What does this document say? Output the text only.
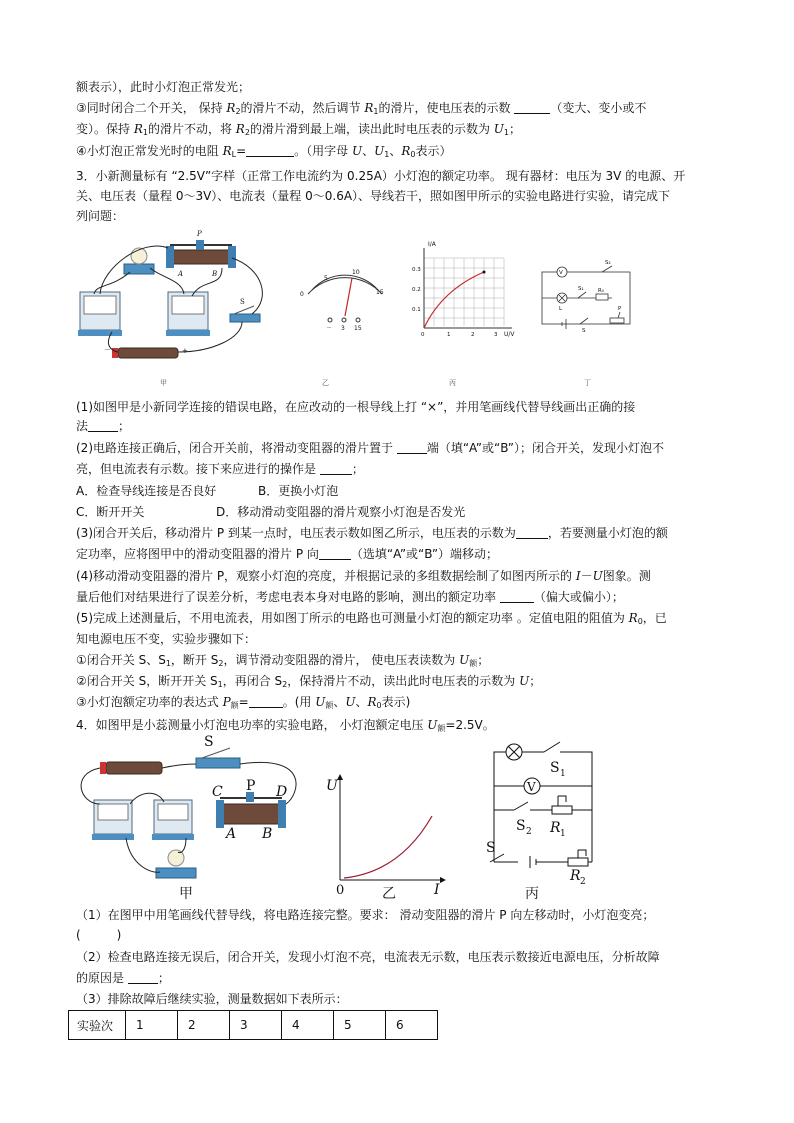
额表示），此时小灯泡正常发光；
③同时闭合二个开关， 保持 $R_2$的滑片不动，然后调节 $R_1$的滑片，使电压表的示数	（变大、变小或不
变）。保持 $R_1$的滑片不动，将 $R_2$的滑片滑到最上端，读出此时电压表的示数为 $U_1$；
④小灯泡正常发光时的电阻 $R_L=$	。（用字母 U、$U_1$、$R_0$表示）
3．小新测量标有 “2.5V”字样（正常工作电流约为 0.25A）小灯泡的额定功率。 现有器材：电压为 3V 的电源、开
关、电压表（量程 0～3V）、电流表（量程 0～0.6A）、导线若干，照如图甲所示的实验电路进行实验，请完成下
列问题：
P
A	B
S
－	+
0
5
10
15
－ 3 15
I/A
U/V
0.3
0.2
0.1
0	1	2	3
V
S₂
S₁	R₀
L	P
S
甲	乙	丙	丁
(1)如图甲是小新同学连接的错误电路，在应改动的一根导线上打 “×”，并用笔画线代替导线画出正确的接
法	；
(2)电路连接正确后，闭合开关前，将滑动变阻器的滑片置于	端（填“A”或“B”）；闭合开关，发现小灯泡不
亮，但电流表有示数。接下来应进行的操作是	；
A．检查导线连接是否良好	B．更换小灯泡
C．断开开关	D．移动滑动变阻器的滑片观察小灯泡是否发光
(3)闭合开关后，移动滑片 P 到某一点时，电压表示数如图乙所示，电压表的示数为	，若要测量小灯泡的额
定功率，应将图甲中的滑动变阻器的滑片 P 向	（选填“A”或“B”）端移动；
(4)移动滑动变阻器的滑片 P，观察小灯泡的亮度，并根据记录的多组数据绘制了如图丙所示的 I－U图象。测
量后他们对结果进行了误差分析，考虑电表本身对电路的影响，测出的额定功率	（偏大或偏小）；
(5)完成上述测量后，不用电流表，用如图丁所示的电路也可测量小灯泡的额定功率 。定值电阻的阻值为 $R_0$，已
知电源电压不变，实验步骤如下：
①闭合开关 S、$S_1$，断开 $S_2$，调节滑动变阻器的滑片， 使电压表读数为 $U_额$；
②闭合开关 S，断开开关 $S_1$，再闭合 $S_2$，保持滑片不动，读出此时电压表的示数为 U；
③小灯泡额定功率的表达式 $P_额=$	。(用 $U_额$、U、$R_0$表示)
4．如图甲是小蕊测量小灯泡电功率的实验电路， 小灯泡额定电压 $U_额=2.5V$。
S
P
C	D
A B
U
I
0
S 1
V
S 2 R 1
S
R 2
甲	乙	丙
（1）在图甲中用笔画线代替导线，将电路连接完整。要求： 滑动变阻器的滑片 P 向左移动时，小灯泡变亮；
(　　　)
（2）检查电路连接无误后，闭合开关，发现小灯泡不亮，电流表无示数，电压表示数接近电源电压，分析故障
的原因是	；
（3）排除故障后继续实验，测量数据如下表所示：
实验次	1	2	3	4	5	6
